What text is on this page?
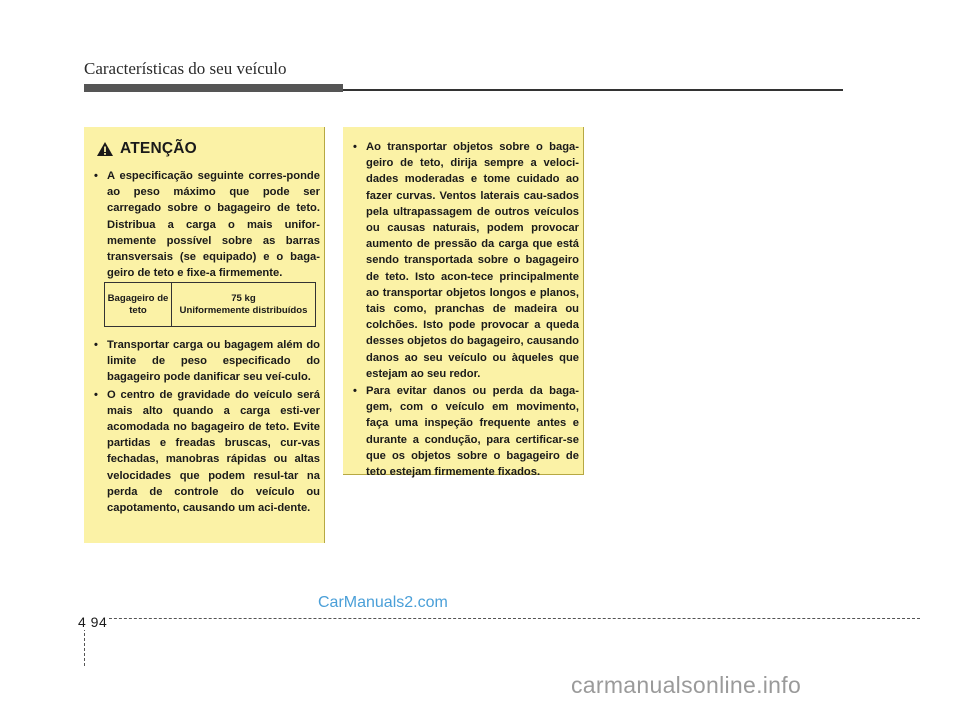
Características do seu veículo
ATENÇÃO
• A especificação seguinte corres-ponde ao peso máximo que pode ser carregado sobre o bagageiro de teto. Distribua a carga o mais unifor-memente possível sobre as barras transversais (se equipado) e o baga-geiro de teto e fixe-a firmemente.
Bagageiro de teto
75 kg
Uniformemente distribuídos
• Transportar carga ou bagagem além do limite de peso especificado do bagageiro pode danificar seu veí-culo.
• O centro de gravidade do veículo será mais alto quando a carga esti-ver acomodada no bagageiro de teto. Evite partidas e freadas bruscas, cur-vas fechadas, manobras rápidas ou altas velocidades que podem resul-tar na perda de controle do veículo ou capotamento, causando um aci-dente.
• Ao transportar objetos sobre o baga-geiro de teto, dirija sempre a veloci-dades moderadas e tome cuidado ao fazer curvas. Ventos laterais cau-sados pela ultrapassagem de outros veículos ou causas naturais, podem provocar aumento de pressão da carga que está sendo transportada sobre o bagageiro de teto. Isto acon-tece principalmente ao transportar objetos longos e planos, tais como, pranchas de madeira ou colchões. Isto pode provocar a queda desses objetos do bagageiro, causando danos ao seu veículo ou àqueles que estejam ao seu redor.
• Para evitar danos ou perda da baga-gem, com o veículo em movimento, faça uma inspeção frequente antes e durante a condução, para certificar-se que os objetos sobre o bagageiro de teto estejam firmemente fixados.
4 94
CarManuals2.com
carmanualsonline.info
